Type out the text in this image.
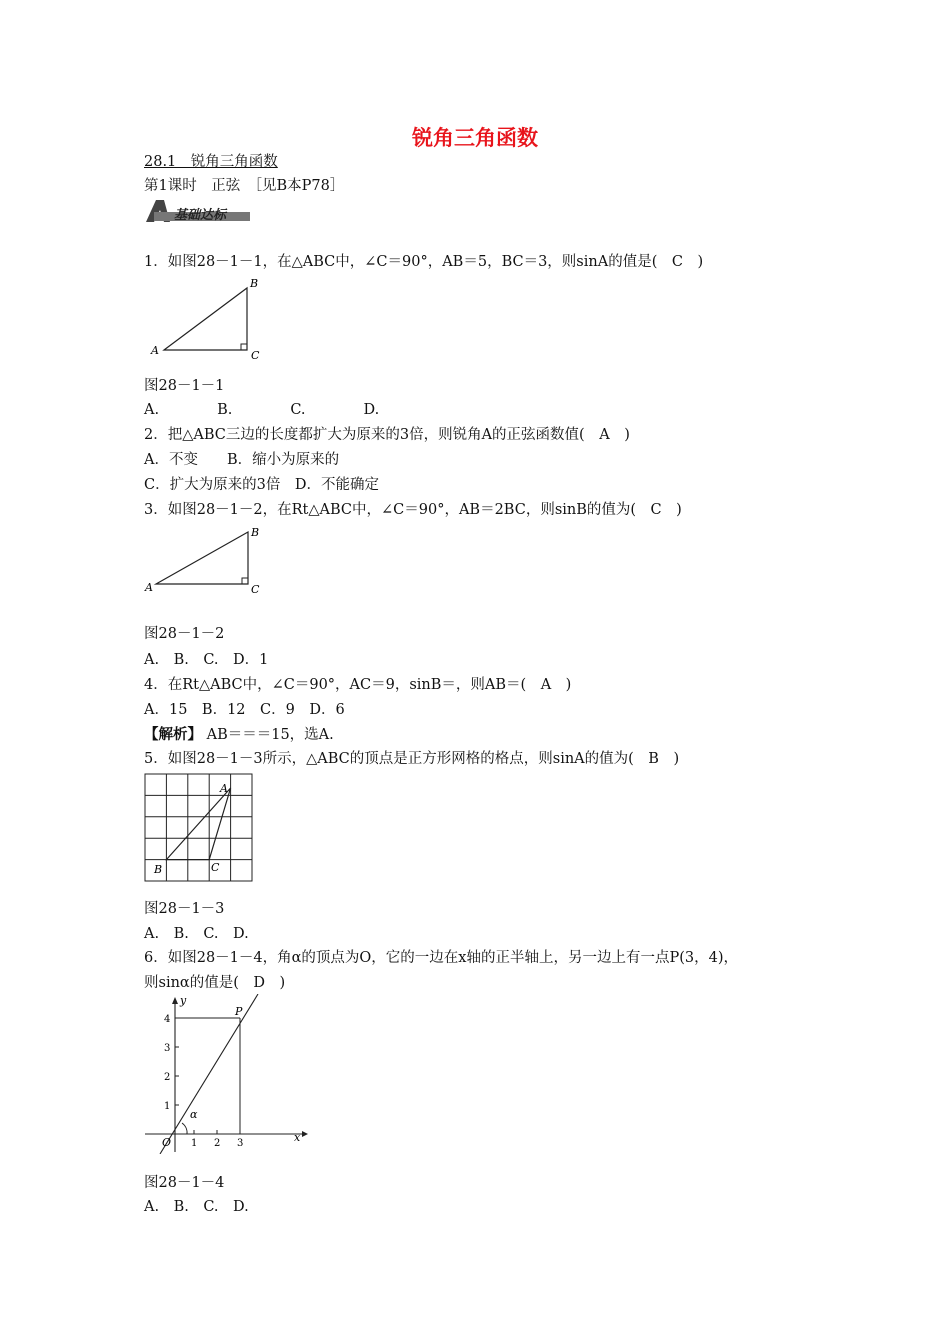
锐角三角函数
28.1　锐角三角函数
第1课时　正弦　［见B本P78］
基础达标
1．如图28－1－1，在△ABC中，∠C＝90°，AB＝5，BC＝3，则sinA的值是(　C　)
B
A	C
图28－1－1
A.　　　　B.　　　　C.　　　　D.
2．把△ABC三边的长度都扩大为原来的3倍，则锐角A的正弦函数值(　A　)
A．不变　　B．缩小为原来的
C．扩大为原来的3倍　D．不能确定
3．如图28－1－2，在Rt△ABC中，∠C＝90°，AB＝2BC，则sinB的值为(　C　)
B
A	C
图28－1－2
A.　B.　C.　D．1
4．在Rt△ABC中，∠C＝90°，AC＝9，sinB＝，则AB＝(　A　)
A．15　B．12　C．9　D．6
【解析】 AB＝＝＝15，选A.
5．如图28－1－3所示，△ABC的顶点是正方形网格的格点，则sinA的值为(　B　)
A
B	C
图28－1－3
A.　B.　C.　D.
6．如图28－1－4，角α的顶点为O，它的一边在x轴的正半轴上，另一边上有一点P(3，4)，
则sinα的值是(　D　)
1
2
3
4
1 2 3
y
x
O
P
α
图28－1－4
A.　B.　C.　D.
